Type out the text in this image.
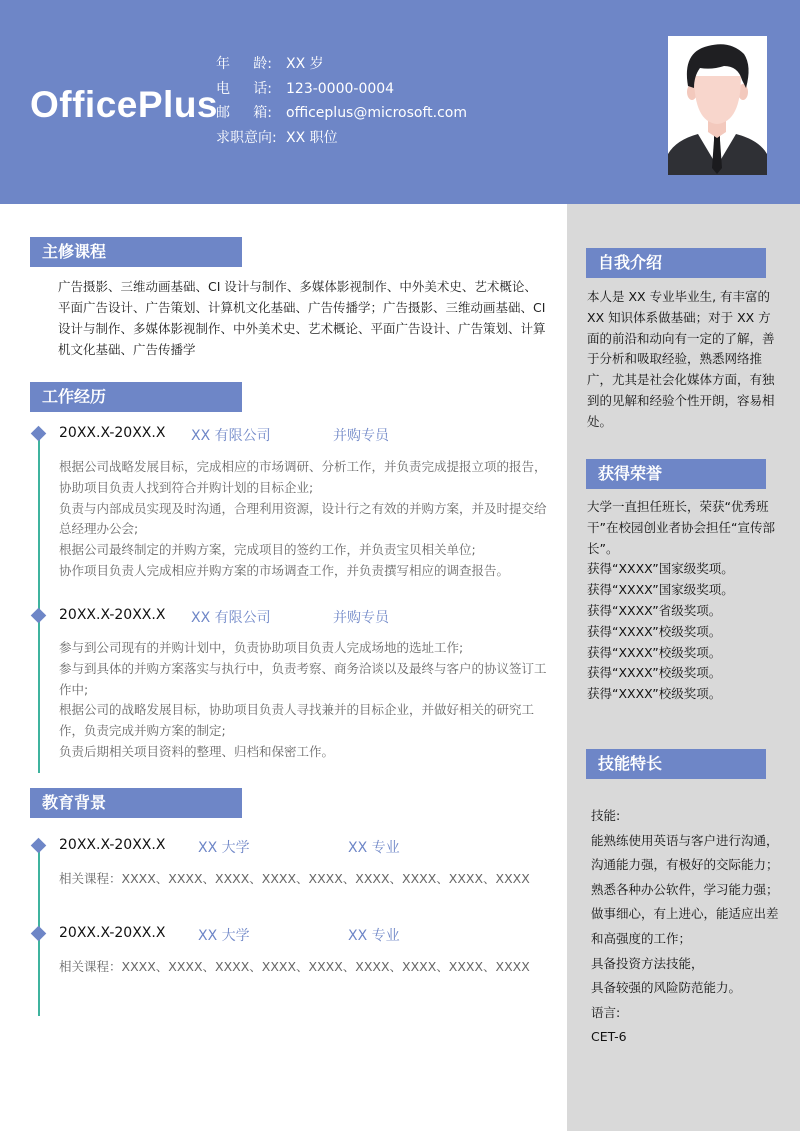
OfficePlus
年 龄: XX 岁
电 话: 123-0000-0004
邮 箱: officeplus@microsoft.com
求职意向: XX 职位
主修课程
广告摄影、三维动画基础、CI 设计与制作、多媒体影视制作、中外美术史、艺术概论、平面广告设计、广告策划、计算机文化基础、广告传播学；广告摄影、三维动画基础、CI 设计与制作、多媒体影视制作、中外美术史、艺术概论、平面广告设计、广告策划、计算机文化基础、广告传播学
工作经历
20XX.X-20XX.X XX 有限公司	并购专员
根据公司战略发展目标，完成相应的市场调研、分析工作，并负责完成提报立项的报告，协助项目负责人找到符合并购计划的目标企业;
负责与内部成员实现及时沟通，合理利用资源，设计行之有效的并购方案，并及时提交给总经理办公会;
根据公司最终制定的并购方案，完成项目的签约工作，并负责宝贝相关单位;
协作项目负责人完成相应并购方案的市场调查工作，并负责撰写相应的调查报告。
20XX.X-20XX.X XX 有限公司	并购专员
参与到公司现有的并购计划中，负责协助项目负责人完成场地的选址工作;
参与到具体的并购方案落实与执行中，负责考察、商务洽谈以及最终与客户的协议签订工作中;
根据公司的战略发展目标，协助项目负责人寻找兼并的目标企业，并做好相关的研究工作，负责完成并购方案的制定;
负责后期相关项目资料的整理、归档和保密工作。
教育背景
20XX.X-20XX.X XX 大学	XX 专业
相关课程：XXXX、XXXX、XXXX、XXXX、XXXX、XXXX、XXXX、XXXX、XXXX
20XX.X-20XX.X XX 大学	XX 专业
相关课程：XXXX、XXXX、XXXX、XXXX、XXXX、XXXX、XXXX、XXXX、XXXX
自我介绍
本人是 XX 专业毕业生, 有丰富的 XX 知识体系做基础；对于 XX 方面的前沿和动向有一定的了解，善于分析和吸取经验，熟悉网络推广，尤其是社会化媒体方面，有独到的见解和经验个性开朗，容易相处。
获得荣誉
大学一直担任班长，荣获“优秀班干”在校园创业者协会担任“宣传部长”。
获得“XXXX”国家级奖项。
获得“XXXX”国家级奖项。
获得“XXXX”省级奖项。
获得“XXXX”校级奖项。
获得“XXXX”校级奖项。
获得“XXXX”校级奖项。
获得“XXXX”校级奖项。
技能特长
技能:
能熟练使用英语与客户进行沟通，
沟通能力强，有极好的交际能力；
熟悉各种办公软件，学习能力强；
做事细心，有上进心，能适应出差
和高强度的工作；
具备投资方法技能，
具备较强的风险防范能力。
语言:
CET-6
